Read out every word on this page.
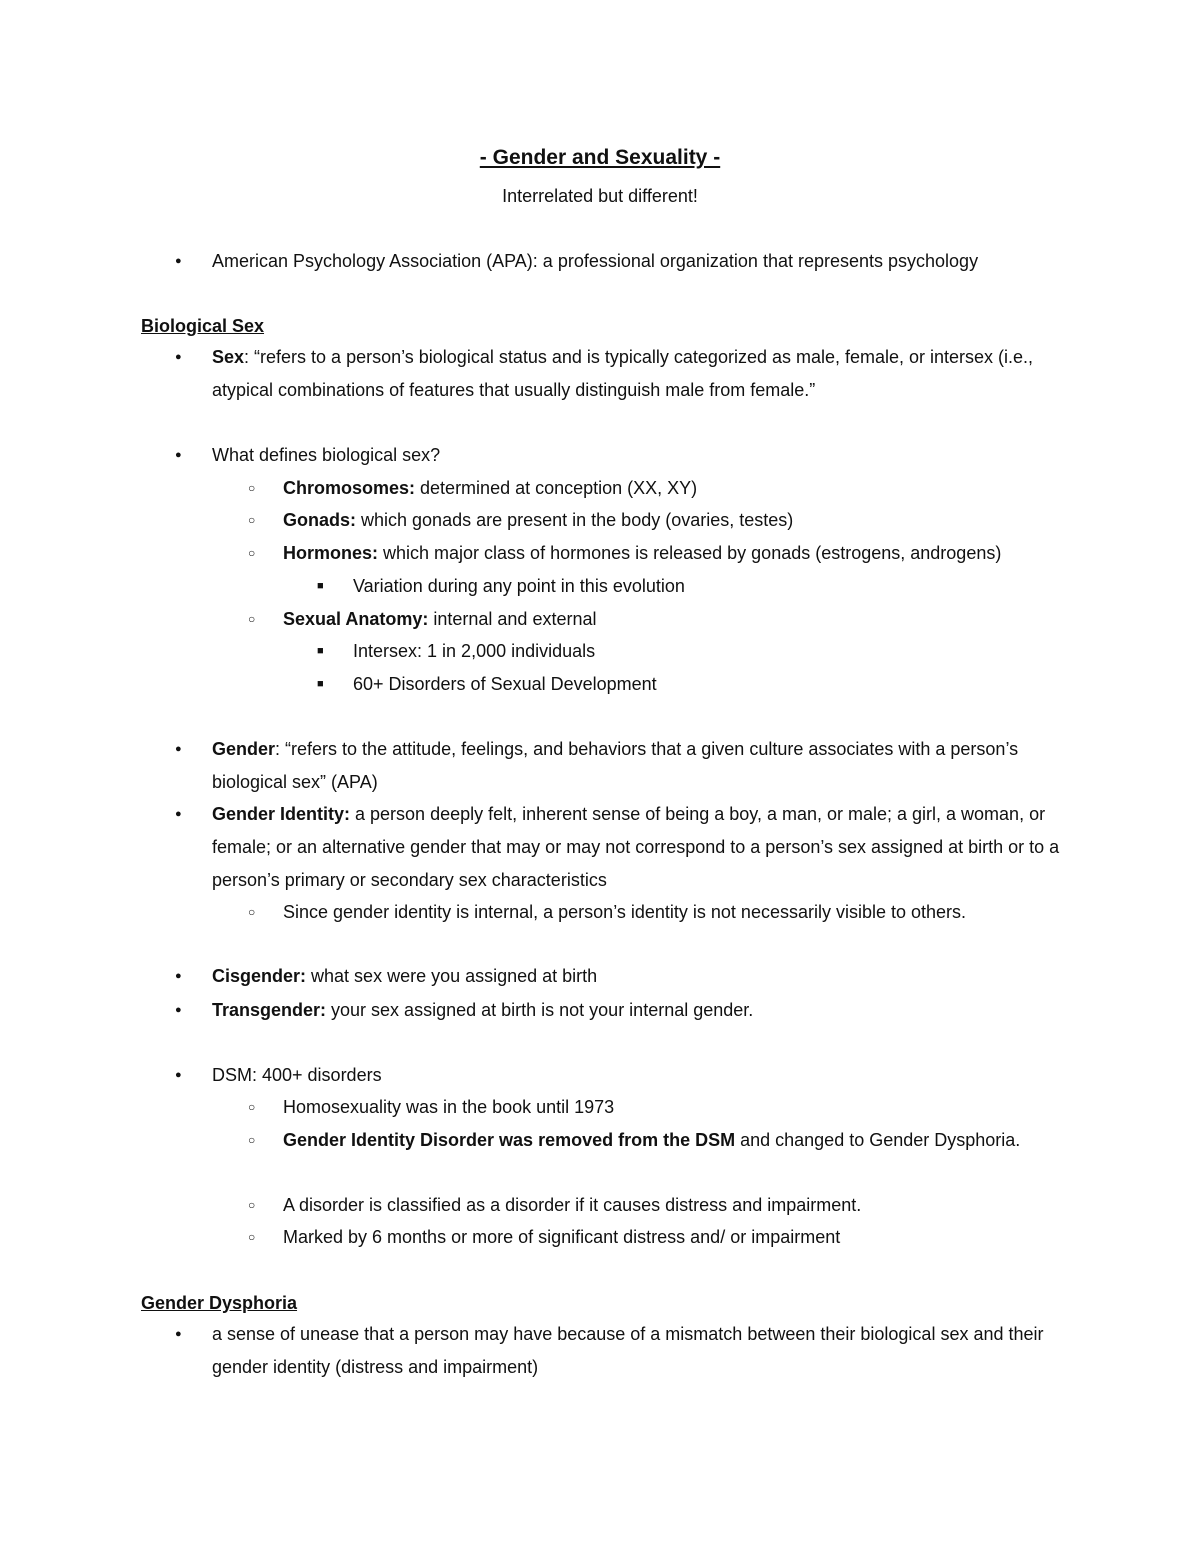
- Gender and Sexuality -
Interrelated but different!
● American Psychology Association (APA): a professional organization that represents psychology
Biological Sex
● Sex: “refers to a person’s biological status and is typically categorized as male, female, or intersex (i.e., atypical combinations of features that usually distinguish male from female.”
● What defines biological sex?
○ Chromosomes: determined at conception (XX, XY)
○ Gonads: which gonads are present in the body (ovaries, testes)
○ Hormones: which major class of hormones is released by gonads (estrogens, androgens)
■ Variation during any point in this evolution
○ Sexual Anatomy: internal and external
■ Intersex: 1 in 2,000 individuals
■ 60+ Disorders of Sexual Development
● Gender: “refers to the attitude, feelings, and behaviors that a given culture associates with a person’s biological sex” (APA)
● Gender Identity: a person deeply felt, inherent sense of being a boy, a man, or male; a girl, a woman, or female; or an alternative gender that may or may not correspond to a person’s sex assigned at birth or to a person’s primary or secondary sex characteristics
○ Since gender identity is internal, a person’s identity is not necessarily visible to others.
● Cisgender: what sex were you assigned at birth
● Transgender: your sex assigned at birth is not your internal gender.
● DSM: 400+ disorders
○ Homosexuality was in the book until 1973
○ Gender Identity Disorder was removed from the DSM and changed to Gender Dysphoria.
○ A disorder is classified as a disorder if it causes distress and impairment.
○ Marked by 6 months or more of significant distress and/ or impairment
Gender Dysphoria
● a sense of unease that a person may have because of a mismatch between their biological sex and their gender identity (distress and impairment)
